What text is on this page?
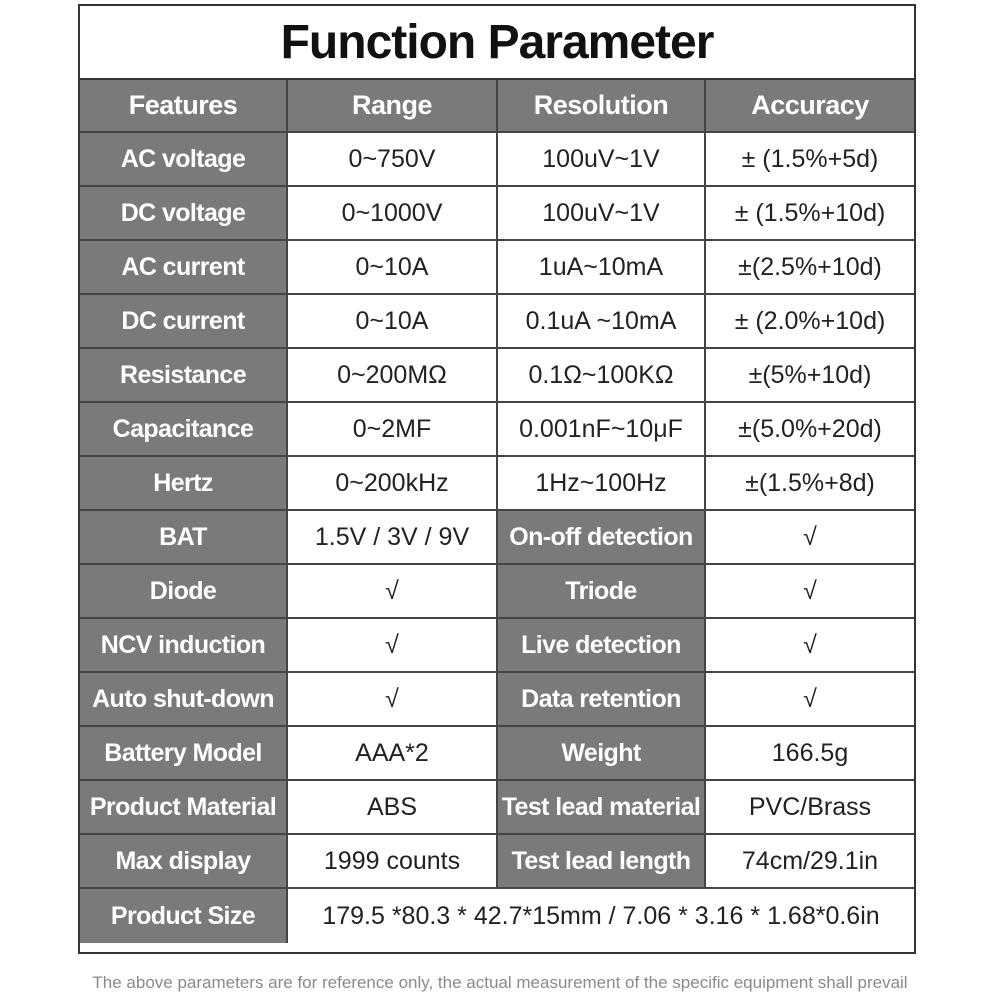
Function Parameter
Features	Range	Resolution	Accuracy
AC voltage	0~750V	100uV~1V	± (1.5%+5d)
DC voltage	0~1000V	100uV~1V	± (1.5%+10d)
AC current	0~10A	1uA~10mA	±(2.5%+10d)
DC current	0~10A	0.1uA ~10mA	± (2.0%+10d)
Resistance	0~200MΩ	0.1Ω~100KΩ	±(5%+10d)
Capacitance	0~2MF	0.001nF~10μF	±(5.0%+20d)
Hertz	0~200kHz	1Hz~100Hz	±(1.5%+8d)
BAT	1.5V / 3V / 9V	On-off detection	√
Diode	√	Triode	√
NCV induction	√	Live detection	√
Auto shut-down	√	Data retention	√
Battery Model	AAA*2	Weight	166.5g
Product Material	ABS	Test lead material	PVC/Brass
Max display	1999 counts	Test lead length	74cm/29.1in
Product Size	179.5 *80.3 * 42.7*15mm / 7.06 * 3.16 * 1.68*0.6in
The above parameters are for reference only, the actual measurement of the specific equipment shall prevail
